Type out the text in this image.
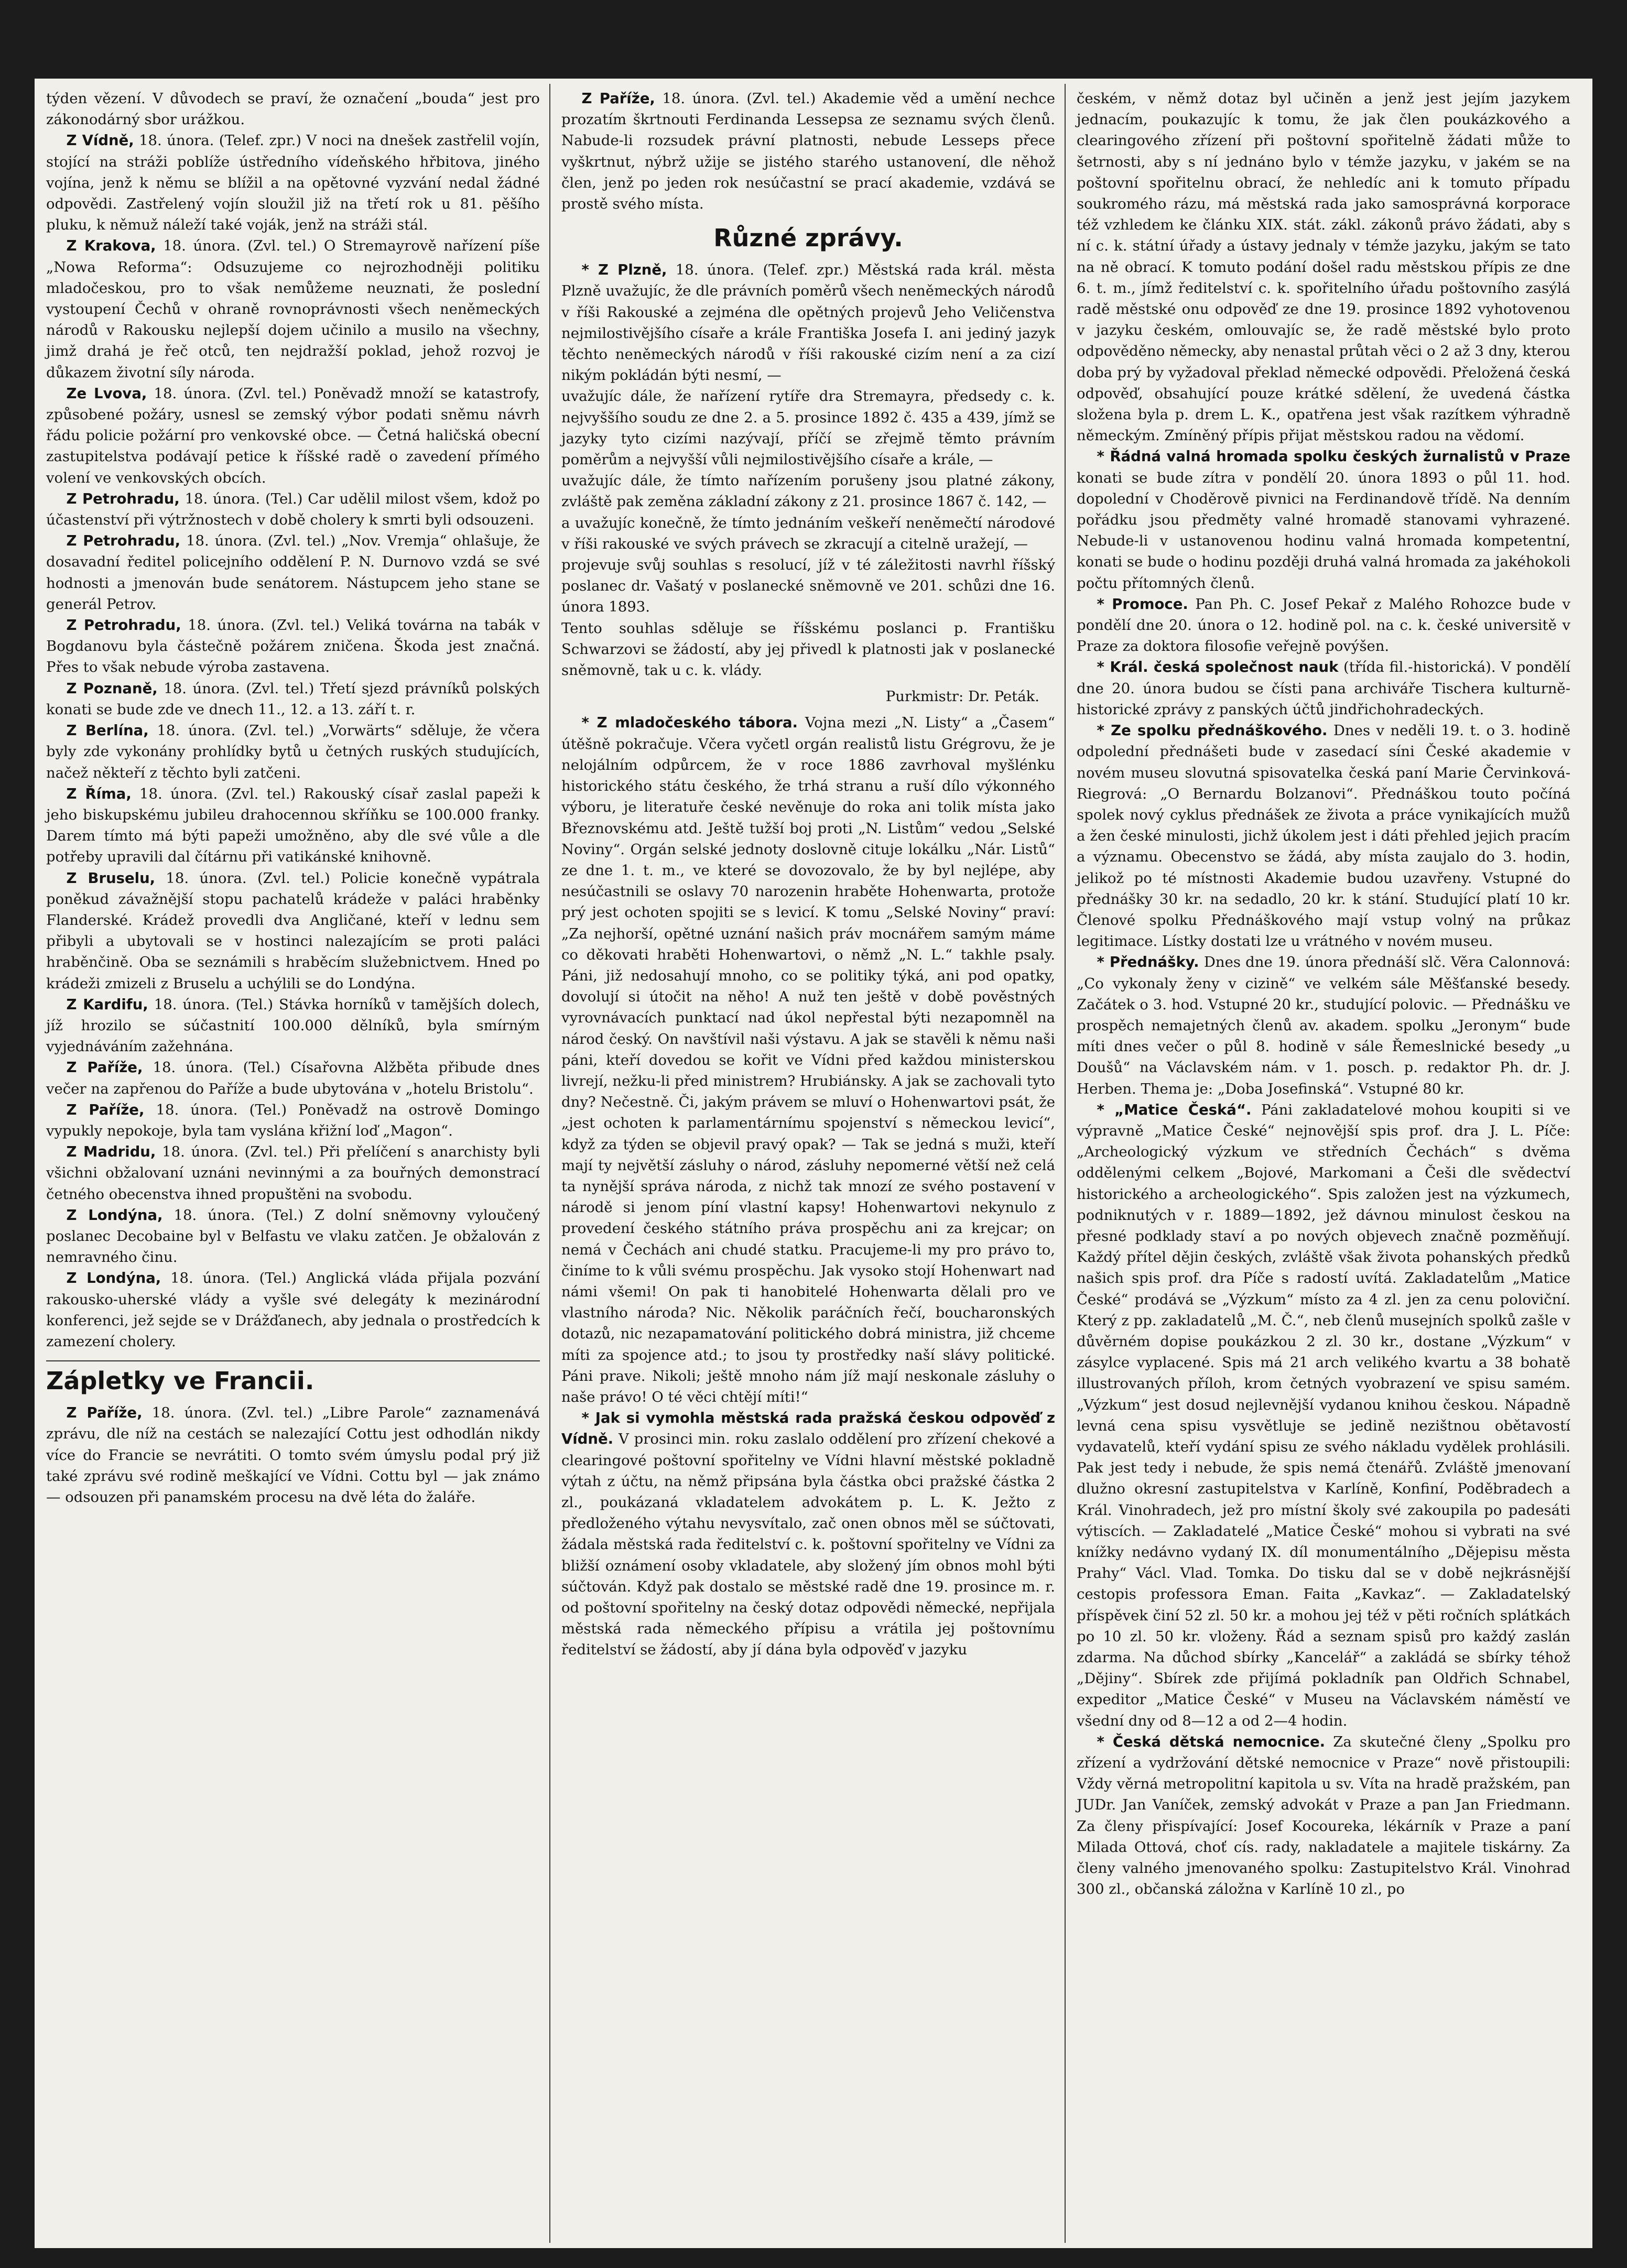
týden vězení. V důvodech se praví, že označení „bouda“ jest pro zákonodárný sbor urážkou.

Z Vídně, 18. února. (Telef. zpr.) V noci na dnešek zastřelil vojín, stojící na stráži poblíže ústředního vídeňského hřbitova, jiného vojína, jenž k němu se blížil a na opětovné vyzvání nedal žádné odpovědi. Zastřelený vojín sloužil již na třetí rok u 81. pěšího pluku, k němuž náleží také voják, jenž na stráži stál.

Z Krakova, 18. února. (Zvl. tel.) O Stremayrově nařízení píše „Nowa Reforma“: Odsuzujeme co nejrozhodněji politiku mladočeskou, pro to však nemůžeme neuznati, že poslední vystoupení Čechů v ohraně rovnoprávnosti všech neněmeckých národů v Rakousku nejlepší dojem učinilo a musilo na všechny, jimž drahá je řeč otců, ten nejdražší poklad, jehož rozvoj je důkazem životní síly národa.

Ze Lvova, 18. února. (Zvl. tel.) Poněvadž množí se katastrofy, způsobené požáry, usnesl se zemský výbor podati sněmu návrh řádu policie požární pro venkovské obce. — Četná haličská obecní zastupitelstva podávají petice k říšské radě o zavedení přímého volení ve venkovských obcích.

Z Petrohradu, 18. února. (Tel.) Car udělil milost všem, kdož po účastenství při výtržnostech v době cholery k smrti byli odsouzeni.

Z Petrohradu, 18. února. (Zvl. tel.) „Nov. Vremja“ ohlašuje, že dosavadní ředitel policejního oddělení P. N. Durnovo vzdá se své hodnosti a jmenován bude senátorem. Nástupcem jeho stane se generál Petrov.

Z Petrohradu, 18. února. (Zvl. tel.) Veliká továrna na tabák v Bogdanovu byla částečně požárem zničena. Škoda jest značná. Přes to však nebude výroba zastavena.

Z Poznaně, 18. února. (Zvl. tel.) Třetí sjezd právníků polských konati se bude zde ve dnech 11., 12. a 13. září t. r.

Z Berlína, 18. února. (Zvl. tel.) „Vorwärts“ sděluje, že včera byly zde vykonány prohlídky bytů u četných ruských studujících, načež někteří z těchto byli zatčeni.

Z Říma, 18. února. (Zvl. tel.) Rakouský císař zaslal papeži k jeho biskupskému jubileu drahocennou skříňku se 100.000 franky. Darem tímto má býti papeži umožněno, aby dle své vůle a dle potřeby upravili dal čítárnu při vatikánské knihovně.

Z Bruselu, 18. února. (Zvl. tel.) Policie konečně vypátrala poněkud závažnější stopu pachatelů krádeže v paláci hraběnky Flanderské. Krádež provedli dva Angličané, kteří v lednu sem přibyli a ubytovali se v hostinci nalezajícím se proti paláci hraběnčině. Oba se seznámili s hraběcím služebnictvem. Hned po krádeži zmizeli z Bruselu a uchýlili se do Londýna.

Z Kardifu, 18. února. (Tel.) Stávka horníků v tamějších dolech, jíž hrozilo se súčastnití 100.000 dělníků, byla smírným vyjednáváním zažehnána.

Z Paříže, 18. února. (Tel.) Císařovna Alžběta přibude dnes večer na zapřenou do Paříže a bude ubytována v „hotelu Bristolu“.

Z Paříže, 18. února. (Tel.) Poněvadž na ostrově Domingo vypukly nepokoje, byla tam vyslána křižní loď „Magon“.

Z Madridu, 18. února. (Zvl. tel.) Při přelíčení s anarchisty byli všichni obžalovaní uznáni nevinnými a za bouřných demonstrací četného obecenstva ihned propuštěni na svobodu.

Z Londýna, 18. února. (Tel.) Z dolní sněmovny vyloučený poslanec Decobaine byl v Belfastu ve vlaku zatčen. Je obžalován z nemravného činu.

Z Londýna, 18. února. (Tel.) Anglická vláda přijala pozvání rakousko-uherské vlády a vyšle své delegáty k mezinárodní konferenci, jež sejde se v Drážďanech, aby jednala o prostředcích k zamezení cholery.

Zápletky ve Francii.

Z Paříže, 18. února. (Zvl. tel.) „Libre Parole“ zaznamenává zprávu, dle níž na cestách se nalezající Cottu jest odhodlán nikdy více do Francie se nevrátiti. O tomto svém úmyslu podal prý již také zprávu své rodině meškající ve Vídni. Cottu byl — jak známo — odsouzen při panamském procesu na dvě léta do žaláře.

Z Paříže, 18. února. (Zvl. tel.) Akademie věd a umění nechce prozatím škrtnouti Ferdinanda Lessepsa ze seznamu svých členů. Nabude-li rozsudek právní platnosti, nebude Lesseps přece vyškrtnut, nýbrž užije se jistého starého ustanovení, dle něhož člen, jenž po jeden rok nesúčastní se prací akademie, vzdává se prostě svého místa.

Různé zprávy.

* Z Plzně, 18. února. (Telef. zpr.) Městská rada král. města Plzně uvažujíc, že dle právních poměrů všech neněmeckých národů v říši Rakouské a zejména dle opětných projevů Jeho Veličenstva nejmilostivějšího císaře a krále Františka Josefa I. ani jediný jazyk těchto neněmeckých národů v říši rakouské cizím není a za cizí nikým pokládán býti nesmí, —

uvažujíc dále, že nařízení rytíře dra Stremayra, předsedy c. k. nejvyššího soudu ze dne 2. a 5. prosince 1892 č. 435 a 439, jímž se jazyky tyto cizími nazývají, příčí se zřejmě těmto právním poměrům a nejvyšší vůli nejmilostivějšího císaře a krále, —

uvažujíc dále, že tímto nařízením porušeny jsou platné zákony, zvláště pak zeměna základní zákony z 21. prosince 1867 č. 142, —

a uvažujíc konečně, že tímto jednáním veškeří neněmečtí národové v říši rakouské ve svých právech se zkracují a citelně uražejí, —

projevuje svůj souhlas s resolucí, jíž v té záležitosti navrhl říšský poslanec dr. Vašatý v poslanecké sněmovně ve 201. schůzi dne 16. února 1893.

Tento souhlas sděluje se říšskému poslanci p. Františku Schwarzovi se žádostí, aby jej přivedl k platnosti jak v poslanecké sněmovně, tak u c. k. vlády.

Purkmistr: Dr. Peták.

* Z mladočeského tábora. Vojna mezi „N. Listy“ a „Časem“ útěšně pokračuje. Včera vyčetl orgán realistů listu Grégrovu, že je nelojálním odpůrcem, že v roce 1886 zavrhoval myšlénku historického státu českého, že trhá stranu a ruší dílo výkonného výboru, je literatuře české nevěnuje do roka ani tolik místa jako Březnovskému atd. Ještě tužší boj proti „N. Listům“ vedou „Selské Noviny“. Orgán selské jednoty doslovně cituje lokálku „Nár. Listů“ ze dne 1. t. m., ve které se dovozovalo, že by byl nejlépe, aby nesúčastnili se oslavy 70 narozenin hraběte Hohenwarta, protože prý jest ochoten spojiti se s levicí. K tomu „Selské Noviny“ praví: „Za nejhorší, opětné uznání našich práv mocnářem samým máme co děkovati hraběti Hohenwartovi, o němž „N. L.“ takhle psaly. Páni, již nedosahují mnoho, co se politiky týká, ani pod opatky, dovolují si útočit na něho! A nuž ten ještě v době pověstných vyrovnávacích punktací nad úkol nepřestal býti nezapomněl na národ český. On navštívil naši výstavu. A jak se stavěli k němu naši páni, kteří dovedou se kořit ve Vídni před každou ministerskou livrejí, nežku-li před ministrem? Hrubiánsky. A jak se zachovali tyto dny? Nečestně. Či, jakým právem se mluví o Hohenwartovi psát, že „jest ochoten k parlamentárnímu spojenství s německou levicí“, když za týden se objevil pravý opak? — Tak se jedná s muži, kteří mají ty největší zásluhy o národ, zásluhy nepomerné větší než celá ta nynější správa národa, z nichž tak mnozí ze svého postavení v národě si jenom píní vlastní kapsy! Hohenwartovi nekynulo z provedení českého státního práva prospěchu ani za krejcar; on nemá v Čechách ani chudé statku. Pracujeme-li my pro právo to, činíme to k vůli svému prospěchu. Jak vysoko stojí Hohenwart nad námi všemi! On pak ti hanobitelé Hohenwarta dělali pro ve vlastního národa? Nic. Několik paráčních řečí, boucharonských dotazů, nic nezapamatování politického dobrá ministra, již chceme míti za spojence atd.; to jsou ty prostředky naší slávy politické. Páni prave. Nikoli; ještě mnoho nám jíž mají neskonale zásluhy o naše právo! O té věci chtějí míti!“

* Jak si vymohla městská rada pražská českou odpověď z Vídně. V prosinci min. roku zaslalo oddělení pro zřízení chekové a clearingové poštovní spořitelny ve Vídni hlavní městské pokladně výtah z účtu, na němž připsána byla částka obci pražské částka 2 zl., poukázaná vkladatelem advokátem p. L. K. Ježto z předloženého výtahu nevysvítalo, zač onen obnos měl se súčtovati, žádala městská rada ředitelství c. k. poštovní spořitelny ve Vídni za bližší oznámení osoby vkladatele, aby složený jím obnos mohl býti súčtován. Když pak dostalo se městské radě dne 19. prosince m. r. od poštovní spořitelny na český dotaz odpovědi německé, nepřijala městská rada německého přípisu a vrátila jej poštovnímu ředitelství se žádostí, aby jí dána byla odpověď v jazyku

českém, v němž dotaz byl učiněn a jenž jest jejím jazykem jednacím, poukazujíc k tomu, že jak člen poukázkového a clearingového zřízení při poštovní spořitelně žádati může to šetrnosti, aby s ní jednáno bylo v témže jazyku, v jakém se na poštovní spořitelnu obrací, že nehledíc ani k tomuto případu soukromého rázu, má městská rada jako samosprávná korporace též vzhledem ke článku XIX. stát. zákl. zákonů právo žádati, aby s ní c. k. státní úřady a ústavy jednaly v témže jazyku, jakým se tato na ně obrací. K tomuto podání došel radu městskou přípis ze dne 6. t. m., jímž ředitelství c. k. spořitelního úřadu poštovního zasýlá radě městské onu odpověď ze dne 19. prosince 1892 vyhotovenou v jazyku českém, omlouvajíc se, že radě městské bylo proto odpověděno německy, aby nenastal průtah věci o 2 až 3 dny, kterou doba prý by vyžadoval překlad německé odpovědi. Přeložená česká odpověď, obsahující pouze krátké sdělení, že uvedená částka složena byla p. drem L. K., opatřena jest však razítkem výhradně německým. Zmíněný přípis přijat městskou radou na vědomí.

* Řádná valná hromada spolku českých žurnalistů v Praze konati se bude zítra v pondělí 20. února 1893 o půl 11. hod. dopolední v Choděrově pivnici na Ferdinandově třídě. Na denním pořádku jsou předměty valné hromadě stanovami vyhrazené. Nebude-li v ustanovenou hodinu valná hromada kompetentní, konati se bude o hodinu později druhá valná hromada za jakéhokoli počtu přítomných členů.

* Promoce. Pan Ph. C. Josef Pekař z Malého Rohozce bude v pondělí dne 20. února o 12. hodině pol. na c. k. české universitě v Praze za doktora filosofie veřejně povýšen.

* Král. česká společnost nauk (třída fil.-historická). V pondělí dne 20. února budou se čísti pana archiváře Tischera kulturně-historické zprávy z panských účtů jindřichohradeckých.

* Ze spolku přednáškového. Dnes v neděli 19. t. o 3. hodině odpolední přednášeti bude v zasedací síni České akademie v novém museu slovutná spisovatelka česká paní Marie Červinková-Riegrová: „O Bernardu Bolzanovi“. Přednáškou touto počíná spolek nový cyklus přednášek ze života a práce vynikajících mužů a žen české minulosti, jichž úkolem jest i dáti přehled jejich pracím a významu. Obecenstvo se žádá, aby místa zaujalo do 3. hodin, jelikož po té místnosti Akademie budou uzavřeny. Vstupné do přednášky 30 kr. na sedadlo, 20 kr. k stání. Studující platí 10 kr. Členové spolku Přednáškového mají vstup volný na průkaz legitimace. Lístky dostati lze u vrátného v novém museu.

* Přednášky. Dnes dne 19. února přednáší slč. Věra Calonnová: „Co vykonaly ženy v cizině“ ve velkém sále Měšťanské besedy. Začátek o 3. hod. Vstupné 20 kr., studující polovic. — Přednášku ve prospěch nemajetných členů av. akadem. spolku „Jeronym“ bude míti dnes večer o půl 8. hodině v sále Řemeslnické besedy „u Doušů“ na Václavském nám. v 1. posch. p. redaktor Ph. dr. J. Herben. Thema je: „Doba Josefinská“. Vstupné 80 kr.

* „Matice Česká“. Páni zakladatelové mohou koupiti si ve výpravně „Matice České“ nejnovější spis prof. dra J. L. Píče: „Archeologický výzkum ve středních Čechách“ s dvěma oddělenými celkem „Bojové, Markomani a Češi dle svědectví historického a archeologického“. Spis založen jest na výzkumech, podniknutých v r. 1889—1892, jež dávnou minulost českou na přesné podklady staví a po nových objevech značně pozměňují. Každý přítel dějin českých, zvláště však života pohanských předků našich spis prof. dra Píče s radostí uvítá. Zakladatelům „Matice České“ prodává se „Výzkum“ místo za 4 zl. jen za cenu poloviční. Který z pp. zakladatelů „M. Č.“, neb členů musejních spolků zašle v důvěrném dopise poukázkou 2 zl. 30 kr., dostane „Výzkum“ v zásylce vyplacené. Spis má 21 arch velikého kvartu a 38 bohatě illustrovaných příloh, krom četných vyobrazení ve spisu samém. „Výzkum“ jest dosud nejlevnější vydanou knihou českou. Nápadně levná cena spisu vysvětluje se jedině nezištnou obětavostí vydavatelů, kteří vydání spisu ze svého nákladu vydělek prohlásili. Pak jest tedy i nebude, že spis nemá čtenářů. Zvláště jmenovaní dlužno okresní zastupitelstva v Karlíně, Konfiní, Poděbradech a Král. Vinohradech, jež pro místní školy své zakoupila po padesáti výtiscích. — Zakladatelé „Matice České“ mohou si vybrati na své knížky nedávno vydaný IX. díl monumentálního „Dějepisu města Prahy“ Václ. Vlad. Tomka. Do tisku dal se v době nejkrásnější cestopis professora Eman. Faita „Kavkaz“. — Zakladatelský příspěvek činí 52 zl. 50 kr. a mohou jej též v pěti ročních splátkách po 10 zl. 50 kr. vloženy. Řád a seznam spisů pro každý zaslán zdarma. Na důchod sbírky „Kancelář“ a zakládá se sbírky téhož „Dějiny“. Sbírek zde přijímá pokladník pan Oldřich Schnabel, expeditor „Matice České“ v Museu na Václavském náměstí ve všední dny od 8—12 a od 2—4 hodin.

* Česká dětská nemocnice. Za skutečné členy „Spolku pro zřízení a vydržování dětské nemocnice v Praze“ nově přistoupili: Vždy věrná metropolitní kapitola u sv. Víta na hradě pražském, pan JUDr. Jan Vaníček, zemský advokát v Praze a pan Jan Friedmann. Za členy přispívající: Josef Kocoureka, lékárník v Praze a paní Milada Ottová, choť cís. rady, nakladatele a majitele tiskárny. Za členy valného jmenovaného spolku: Zastupitelstvo Král. Vinohrad 300 zl., občanská záložna v Karlíně 10 zl., po
